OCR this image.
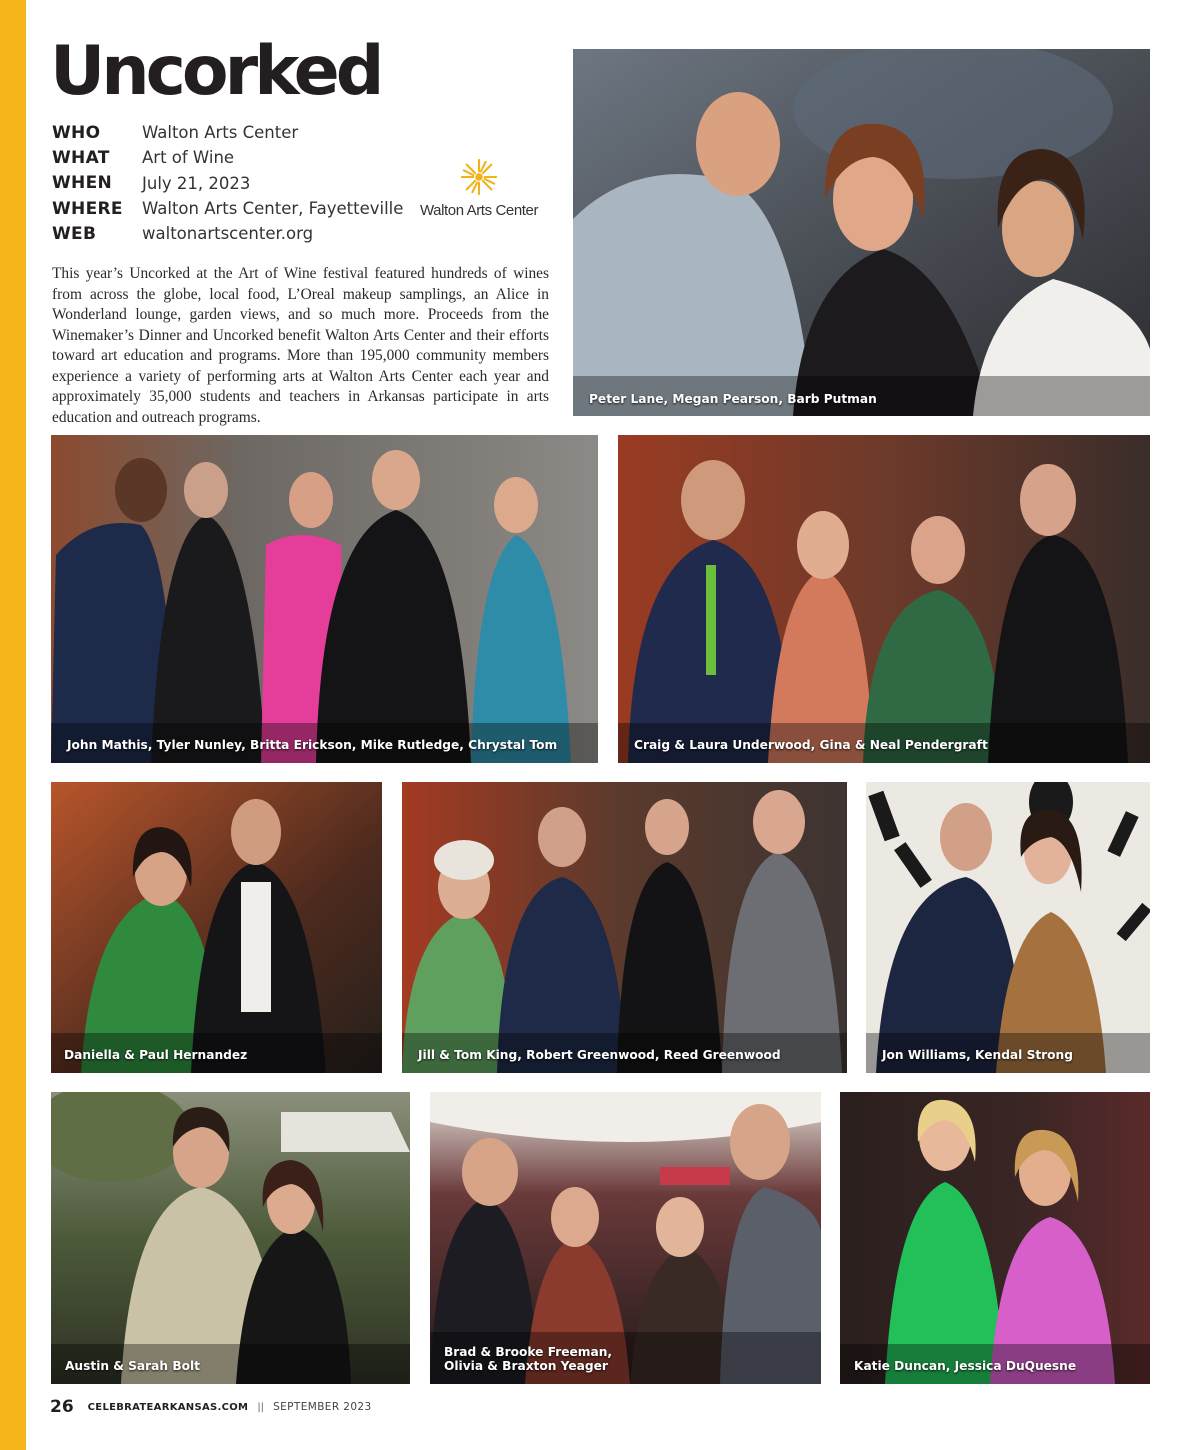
Uncorked
WHO	Walton Arts Center
WHAT	Art of Wine
WHEN	July 21, 2023
WHERE	Walton Arts Center, Fayetteville
WEB	waltonartscenter.org
Walton Arts Center

This year’s Uncorked at the Art of Wine festival featured hundreds of wines from across the globe, local food, L’Oreal makeup samplings, an Alice in Wonderland lounge, garden views, and so much more. Proceeds from the Winemaker’s Dinner and Uncorked benefit Walton Arts Center and their efforts toward art education and programs. More than 195,000 community members experience a variety of performing arts at Walton Arts Center each year and approximately 35,000 students and teachers in Arkansas participate in arts education and outreach programs.

Peter Lane, Megan Pearson, Barb Putman
John Mathis, Tyler Nunley, Britta Erickson, Mike Rutledge, Chrystal Tom	Craig & Laura Underwood, Gina & Neal Pendergraft
Daniella & Paul Hernandez	Jill & Tom King, Robert Greenwood, Reed Greenwood	Jon Williams, Kendal Strong
Austin & Sarah Bolt
Brad & Brooke Freeman,
Olivia & Braxton Yeager	Katie Duncan, Jessica DuQuesne
26 CELEBRATEARKANSAS.COM || SEPTEMBER 2023
